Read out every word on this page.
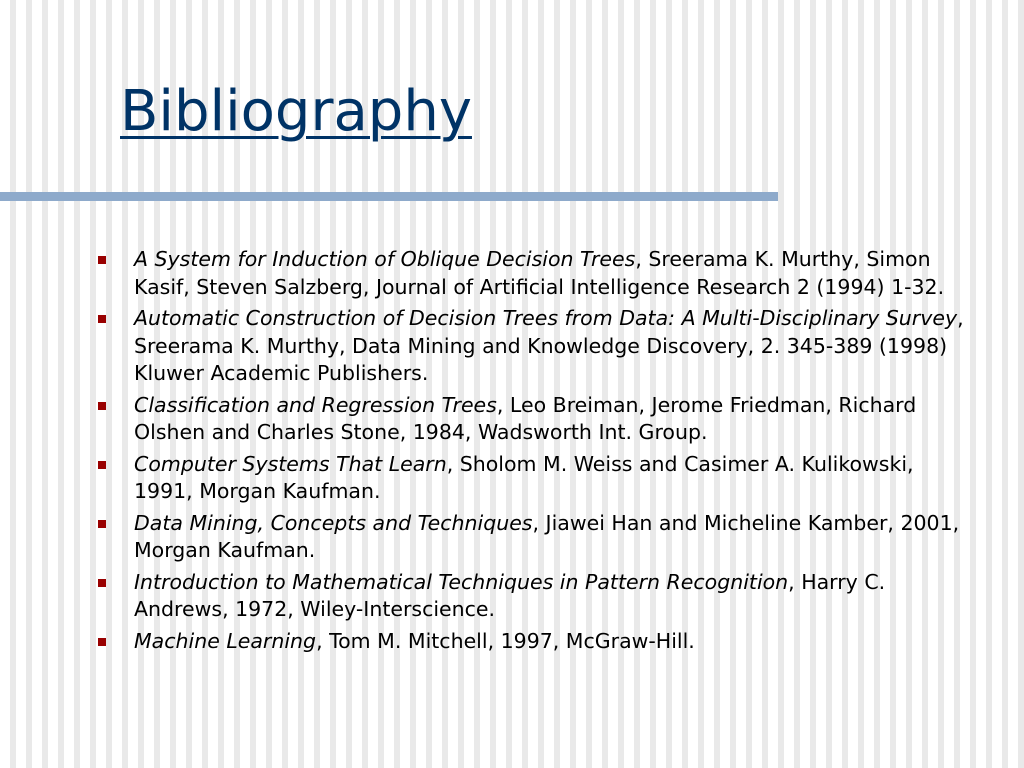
Bibliography
A System for Induction of Oblique Decision Trees, Sreerama K. Murthy, Simon Kasif, Steven Salzberg, Journal of Artificial Intelligence Research 2 (1994) 1-32.
Automatic Construction of Decision Trees from Data: A Multi-Disciplinary Survey, Sreerama K. Murthy, Data Mining and Knowledge Discovery, 2. 345-389 (1998) Kluwer Academic Publishers.
Classification and Regression Trees, Leo Breiman, Jerome Friedman, Richard Olshen and Charles Stone, 1984, Wadsworth Int. Group.
Computer Systems That Learn, Sholom M. Weiss and Casimer A. Kulikowski, 1991, Morgan Kaufman.
Data Mining, Concepts and Techniques, Jiawei Han and Micheline Kamber, 2001, Morgan Kaufman.
Introduction to Mathematical Techniques in Pattern Recognition, Harry C. Andrews, 1972, Wiley-Interscience.
Machine Learning, Tom M. Mitchell, 1997, McGraw-Hill.
